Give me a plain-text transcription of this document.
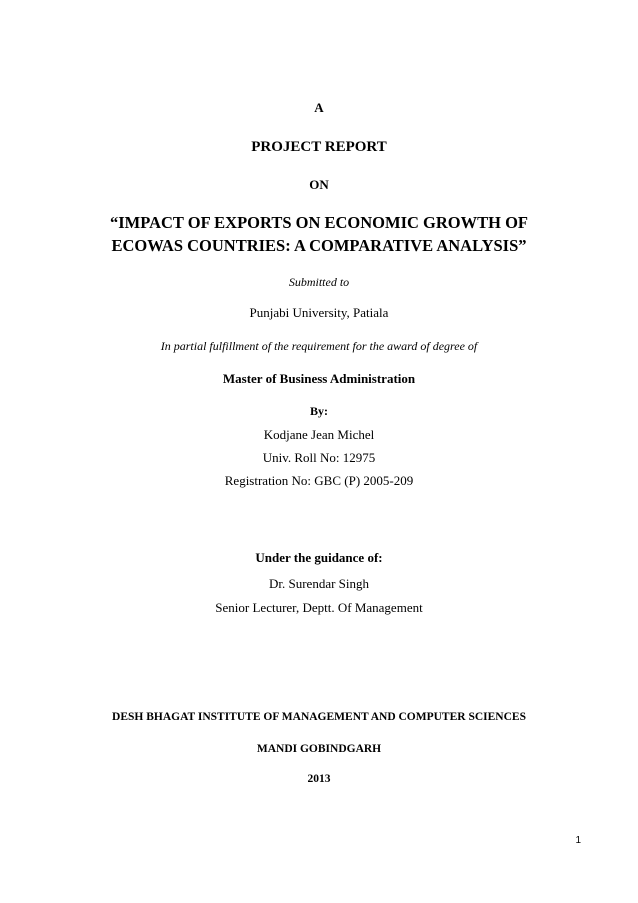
A
PROJECT REPORT
ON
“IMPACT OF EXPORTS ON ECONOMIC GROWTH OF
ECOWAS COUNTRIES: A COMPARATIVE ANALYSIS”
Submitted to
Punjabi University, Patiala
In partial fulfillment of the requirement for the award of degree of
Master of Business Administration
By:
Kodjane Jean Michel
Univ. Roll No: 12975
Registration No: GBC (P) 2005-209
Under the guidance of:
Dr. Surendar Singh
Senior Lecturer, Deptt. Of Management
DESH BHAGAT INSTITUTE OF MANAGEMENT AND COMPUTER SCIENCES
MANDI GOBINDGARH
2013
1
